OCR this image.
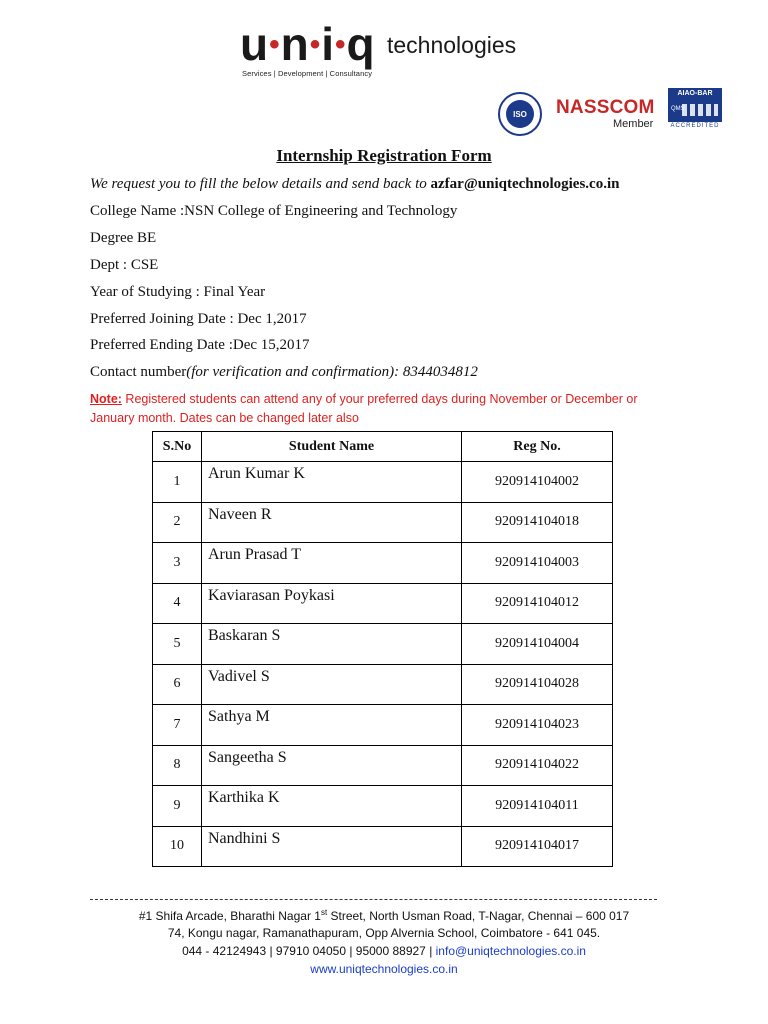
u•n•i•q technologies
Services | Development | Consultancy
ISO	NASSCOM
Member
AIAO-BAR
QMS
ACCREDITED
Internship Registration Form
We request you to fill the below details and send back to azfar@uniqtechnologies.co.in
College Name :NSN College of Engineering and Technology
Degree BE
Dept : CSE
Year of Studying : Final Year
Preferred Joining Date : Dec 1,2017
Preferred Ending Date :Dec 15,2017
Contact number(for verification and confirmation): 8344034812
Note: Registered students can attend any of your preferred days during November or December or January month. Dates can be changed later also
S.No	Student Name	Reg No.
1	Arun Kumar K	920914104002
2	Naveen R	920914104018
3	Arun Prasad T	920914104003
4	Kaviarasan Poykasi	920914104012
5	Baskaran S	920914104004
6	Vadivel S	920914104028
7	Sathya M	920914104023
8	Sangeetha S	920914104022
9	Karthika K	920914104011
10	Nandhini S	920914104017
#1 Shifa Arcade, Bharathi Nagar 1st Street, North Usman Road, T-Nagar, Chennai – 600 017
74, Kongu nagar, Ramanathapuram, Opp Alvernia School, Coimbatore - 641 045.
044 - 42124943 | 97910 04050 | 95000 88927 | info@uniqtechnologies.co.in
www.uniqtechnologies.co.in
